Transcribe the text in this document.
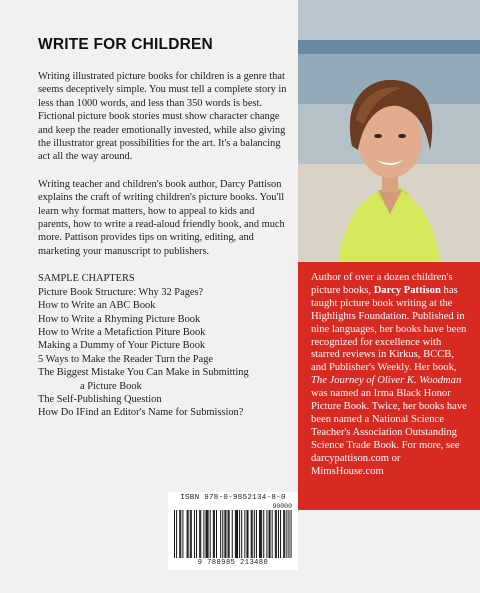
WRITE FOR CHILDREN

Writing illustrated picture books for children is a genre that seems deceptively simple. You must tell a complete story in less than 1000 words, and less than 350 words is best. Fictional picture book stories must show character change and keep the reader emotionally invested, while also giving the illustrator great possibilities for the art. It's a balancing act all the way around.

Writing teacher and children's book author, Darcy Pattison explains the craft of writing children's picture books. You'll learn why format matters, how to appeal to kids and parents, how to write a read-aloud friendly book, and much more. Pattison provides tips on writing, editing, and marketing your manuscript to publishers.

SAMPLE CHAPTERS

Picture Book Structure: Why 32 Pages?
How to Write an ABC Book
How to Write a Rhyming Picture Book
How to Write a Metafiction Piture Book
Making a Dummy of Your Picture Book
5 Ways to Make the Reader Turn the Page
The Biggest Mistake You Can Make in Submitting
a Picture Book
The Self-Publishing Question
How Do IFind an Editor's Name for Submission?

Author of over a dozen children's picture books, Darcy Pattison has taught picture book writing at the Highlights Foundation. Published in nine languages, her books have been recognized for excellence with starred reviews in Kirkus, BCCB, and Publisher's Weekly. Her book, The Journey of Oliver K. Woodman was named an Irma Black Honor Picture Book. Twice, her books have been named a National Science Teacher's Association Outstanding Science Trade Book. For more, see darcypattison.com or MimsHouse.com

ISBN 978-0-9852134-8-0
90000
9 780985 213480
